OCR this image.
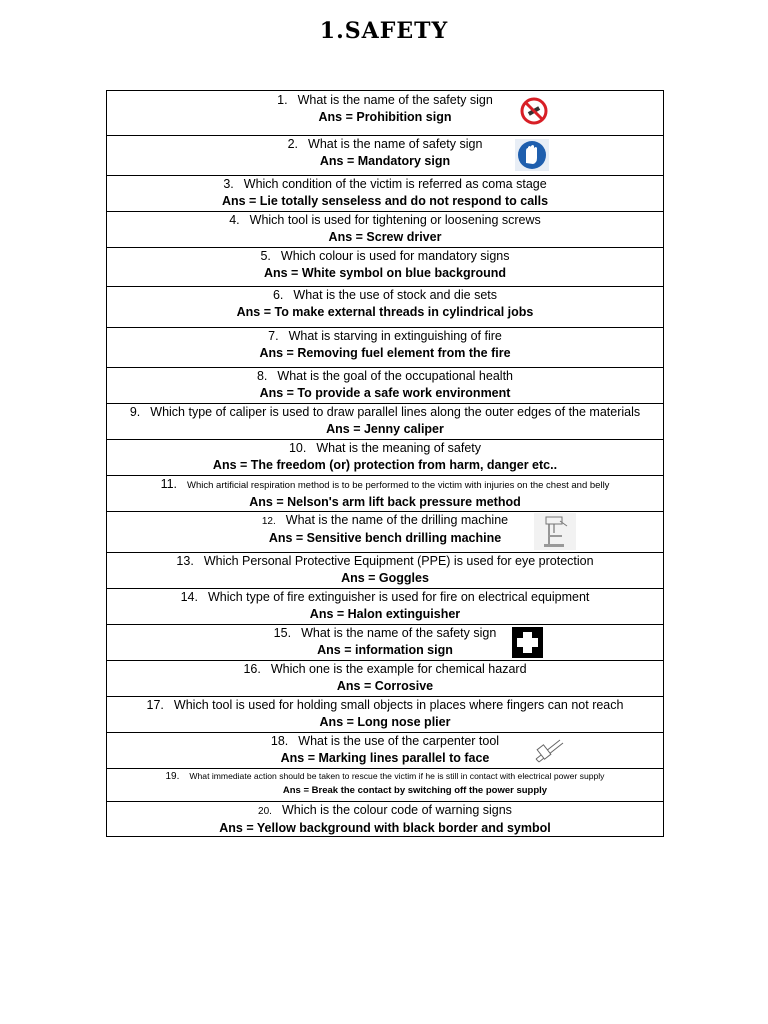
1.SAFETY
1. What is the name of the safety sign
Ans = Prohibition sign

2. What is the name of safety sign
Ans = Mandatory sign

3. Which condition of the victim is referred as coma stage
Ans = Lie totally senseless and do not respond to calls

4. Which tool is used for tightening or loosening screws
Ans = Screw driver

5. Which colour is used for mandatory signs
Ans = White symbol on blue background

6. What is the use of stock and die sets
Ans = To make external threads in cylindrical jobs

7. What is starving in extinguishing of fire
Ans = Removing fuel element from the fire

8. What is the goal of the occupational health
Ans = To provide a safe work environment

9. Which type of caliper is used to draw parallel lines along the outer edges of the materials
Ans = Jenny caliper

10. What is the meaning of safety
Ans = The freedom (or) protection from harm, danger etc..

11. Which artificial respiration method is to be performed to the victim with injuries on the chest and belly
Ans = Nelson's arm lift back pressure method

12. What is the name of the drilling machine
Ans = Sensitive bench drilling machine

13. Which Personal Protective Equipment (PPE) is used for eye protection
Ans = Goggles

14. Which type of fire extinguisher is used for fire on electrical equipment
Ans = Halon extinguisher

15. What is the name of the safety sign
Ans = information sign

16. Which one is the example for chemical hazard
Ans = Corrosive

17. Which tool is used for holding small objects in places where fingers can not reach
Ans = Long nose plier

18. What is the use of the carpenter tool
Ans = Marking lines parallel to face

19. What immediate action should be taken to rescue the victim if he is still in contact with electrical power supply
Ans = Break the contact by switching off the power supply

20. Which is the colour code of warning signs
Ans = Yellow background with black border and symbol
